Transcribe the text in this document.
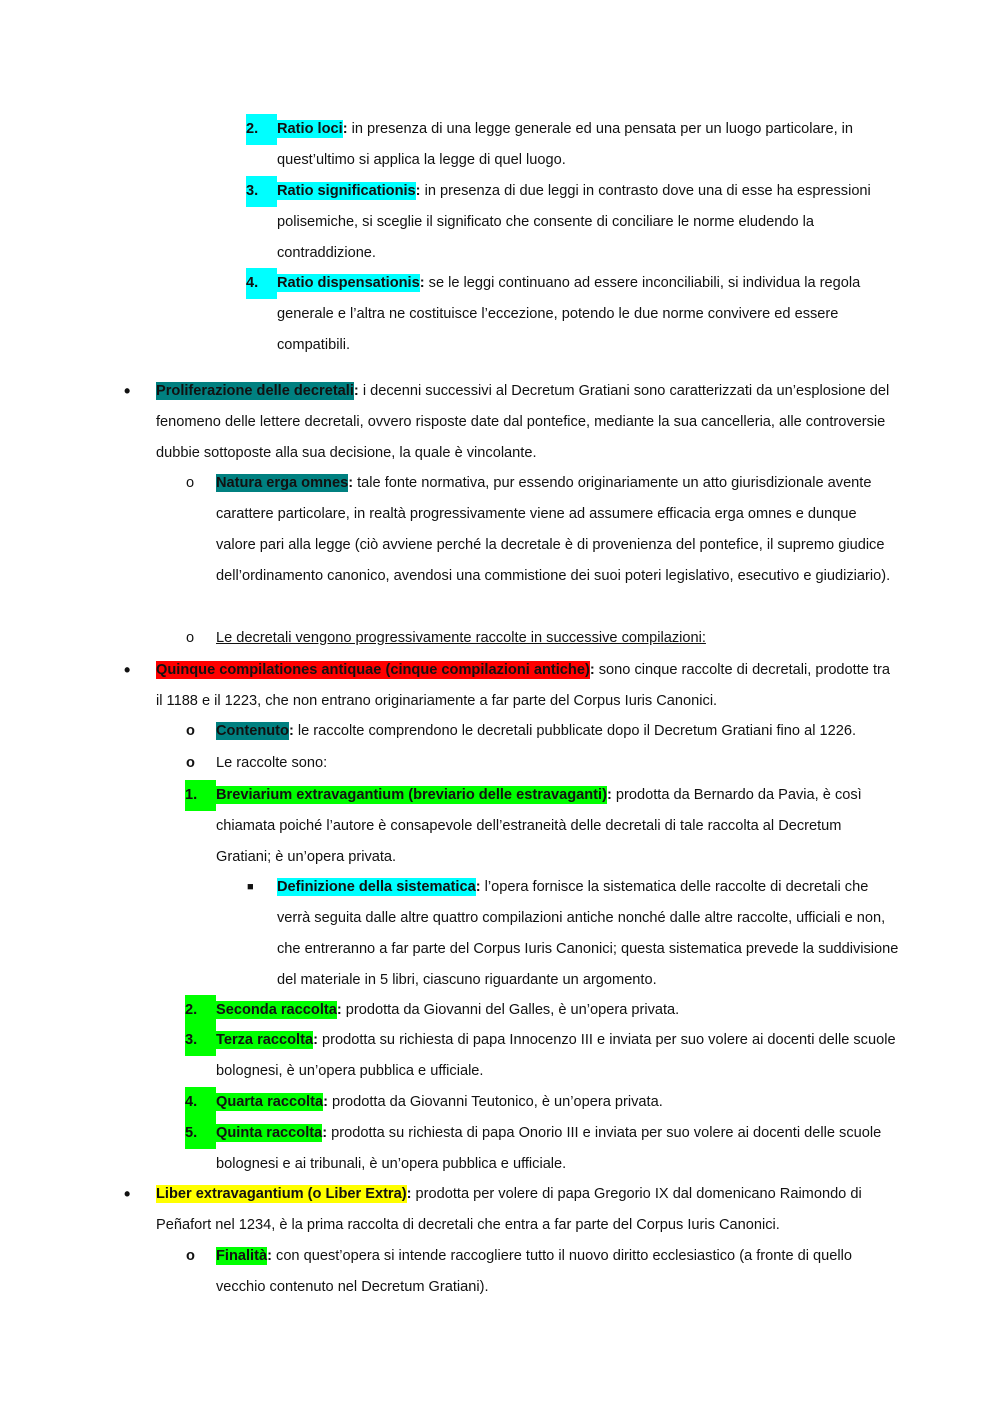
2.	Ratio loci: in presenza di una legge generale ed una pensata per un luogo particolare, in quest’ultimo si applica la legge di quel luogo.
3.	Ratio significationis: in presenza di due leggi in contrasto dove una di esse ha espressioni polisemiche, si sceglie il significato che consente di conciliare le norme eludendo la contraddizione.
4.	Ratio dispensationis: se le leggi continuano ad essere inconciliabili, si individua la regola generale e l’altra ne costituisce l’eccezione, potendo le due norme convivere ed essere compatibili.
• Proliferazione delle decretali: i decenni successivi al Decretum Gratiani sono caratterizzati da un’esplosione del fenomeno delle lettere decretali, ovvero risposte date dal pontefice, mediante la sua cancelleria, alle controversie dubbie sottoposte alla sua decisione, la quale è vincolante.
o Natura erga omnes: tale fonte normativa, pur essendo originariamente un atto giurisdizionale avente carattere particolare, in realtà progressivamente viene ad assumere efficacia erga omnes e dunque valore pari alla legge (ciò avviene perché la decretale è di provenienza del pontefice, il supremo giudice dell’ordinamento canonico, avendosi una commistione dei suoi poteri legislativo, esecutivo e giudiziario).
o Le decretali vengono progressivamente raccolte in successive compilazioni:
• Quinque compilationes antiquae (cinque compilazioni antiche): sono cinque raccolte di decretali, prodotte tra il 1188 e il 1223, che non entrano originariamente a far parte del Corpus Iuris Canonici.
o Contenuto: le raccolte comprendono le decretali pubblicate dopo il Decretum Gratiani fino al 1226.
o Le raccolte sono:
1.	Breviarium extravagantium (breviario delle estravaganti): prodotta da Bernardo da Pavia, è così chiamata poiché l’autore è consapevole dell’estraneità delle decretali di tale raccolta al Decretum Gratiani; è un’opera privata.
■ Definizione della sistematica: l’opera fornisce la sistematica delle raccolte di decretali che verrà seguita dalle altre quattro compilazioni antiche nonché dalle altre raccolte, ufficiali e non, che entreranno a far parte del Corpus Iuris Canonici; questa sistematica prevede la suddivisione del materiale in 5 libri, ciascuno riguardante un argomento.
2.	Seconda raccolta: prodotta da Giovanni del Galles, è un’opera privata.
3.	Terza raccolta: prodotta su richiesta di papa Innocenzo III e inviata per suo volere ai docenti delle scuole bolognesi, è un’opera pubblica e ufficiale.
4.	Quarta raccolta: prodotta da Giovanni Teutonico, è un’opera privata.
5.	Quinta raccolta: prodotta su richiesta di papa Onorio III e inviata per suo volere ai docenti delle scuole bolognesi e ai tribunali, è un’opera pubblica e ufficiale.
• Liber extravagantium (o Liber Extra): prodotta per volere di papa Gregorio IX dal domenicano Raimondo di Peñafort nel 1234, è la prima raccolta di decretali che entra a far parte del Corpus Iuris Canonici.
o Finalità: con quest’opera si intende raccogliere tutto il nuovo diritto ecclesiastico (a fronte di quello vecchio contenuto nel Decretum Gratiani).
